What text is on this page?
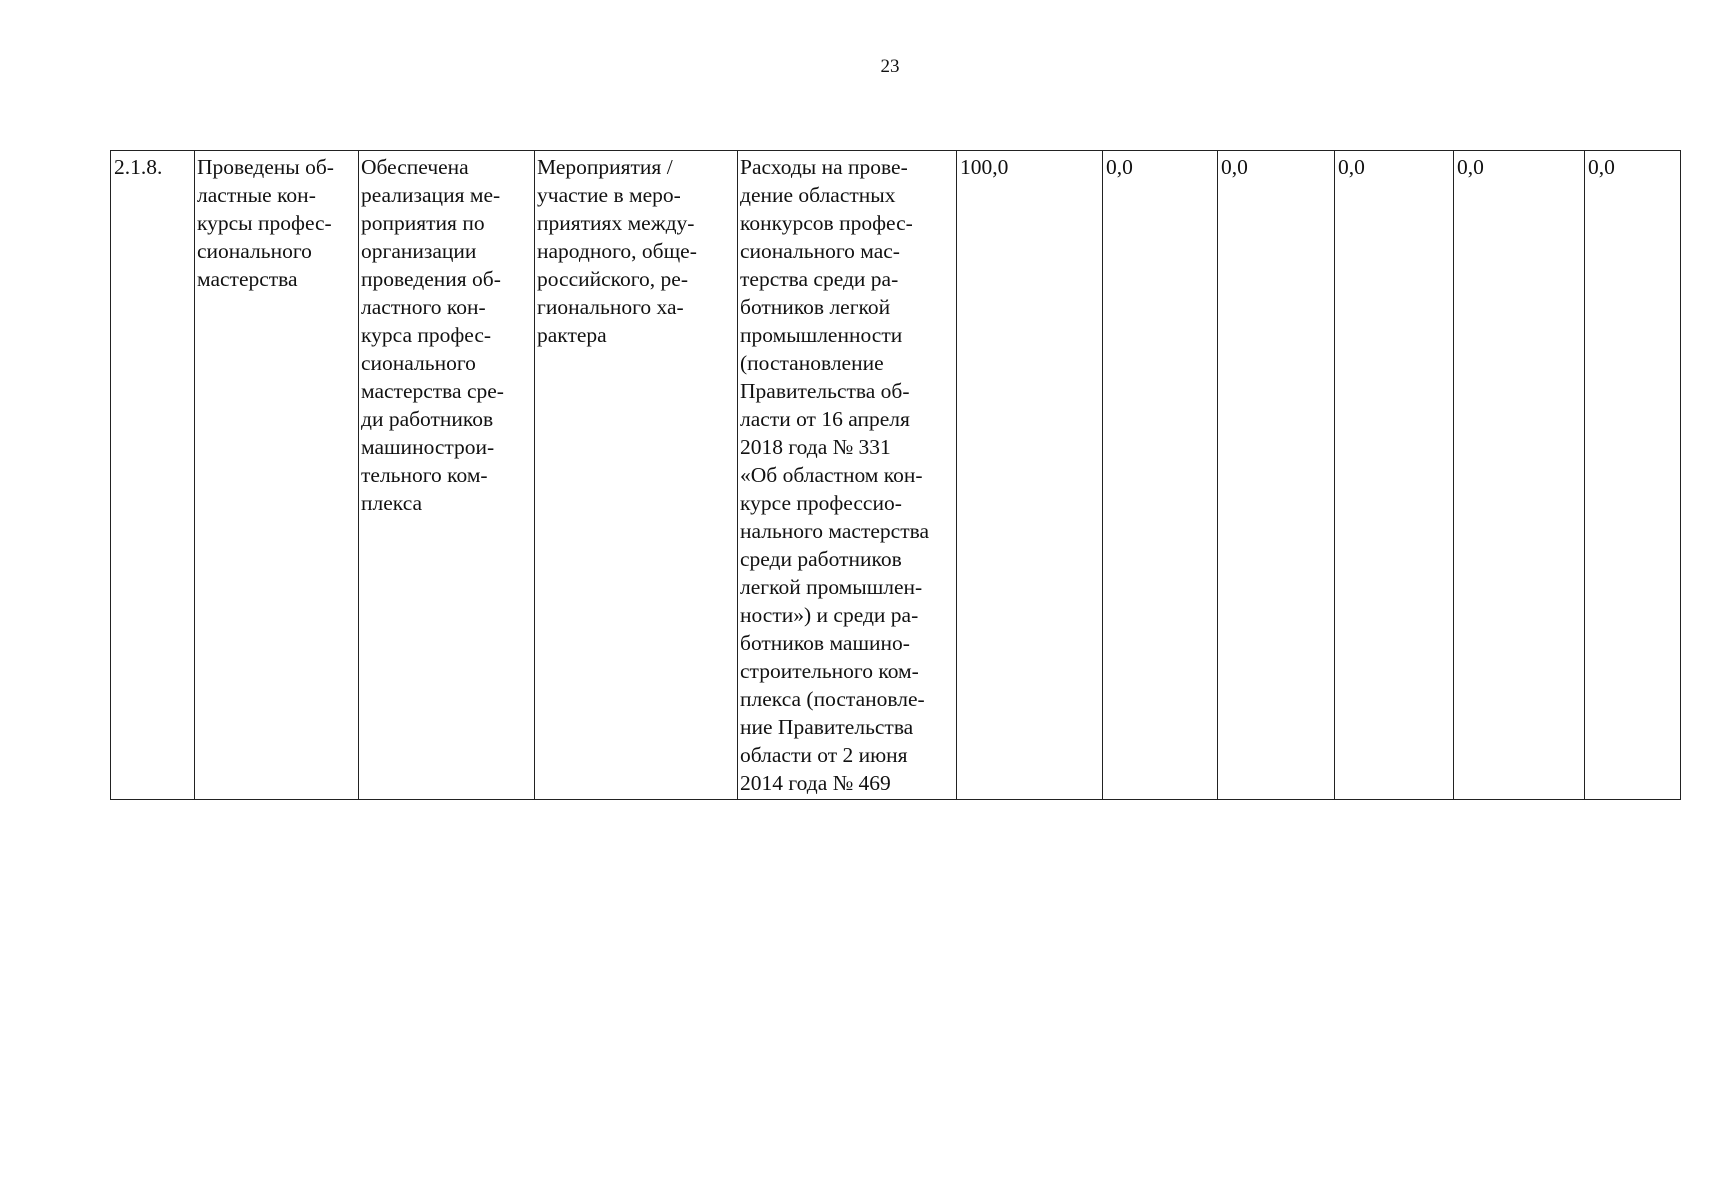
23
2.1.8.	Проведены об-
ластные кон-
курсы профес-
сионального
мастерства	Обеспечена
реализация ме-
роприятия по
организации
проведения об-
ластного кон-
курса профес-
сионального
мастерства сре-
ди работников
машинострои-
тельного ком-
плекса	Мероприятия /
участие в меро-
приятиях между-
народного, обще-
российского, ре-
гионального ха-
рактера	Расходы на прове-
дение областных
конкурсов профес-
сионального мас-
терства среди ра-
ботников легкой
промышленности
(постановление
Правительства об-
ласти от 16 апреля
2018 года № 331
«Об областном кон-
курсе профессио-
нального мастерства
среди работников
легкой промышлен-
ности») и среди ра-
ботников машино-
строительного ком-
плекса (постановле-
ние Правительства
области от 2 июня
2014 года № 469	100,0	0,0	0,0	0,0	0,0	0,0
